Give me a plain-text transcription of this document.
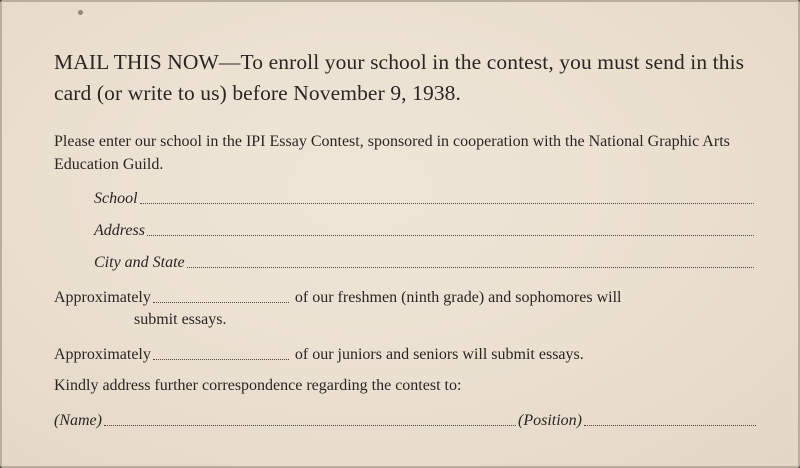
MAIL THIS NOW—To enroll your school in the contest, you must send in this card (or write to us) before November 9, 1938.
Please enter our school in the IPI Essay Contest, sponsored in cooperation with the National Graphic Arts Education Guild.
School
Address
City and State
Approximately	of our freshmen (ninth grade) and sophomores will
submit essays.
Approximately	of our juniors and seniors will submit essays.
Kindly address further correspondence regarding the contest to:
(Name)	(Position)
